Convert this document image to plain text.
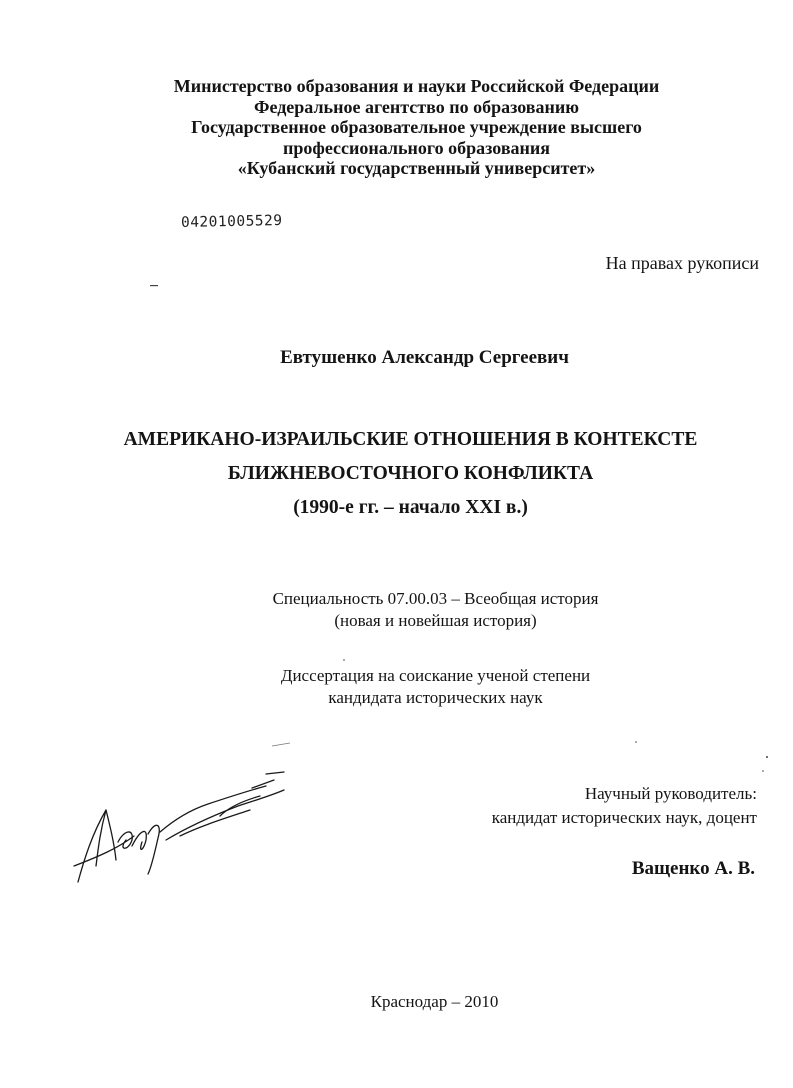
Министерство образования и науки Российской Федерации
Федеральное агентство по образованию
Государственное образовательное учреждение высшего
профессионального образования
«Кубанский государственный университет»
04201005529
На правах рукописи
Евтушенко Александр Сергеевич
АМЕРИКАНО-ИЗРАИЛЬСКИЕ ОТНОШЕНИЯ В КОНТЕКСТЕ
БЛИЖНЕВОСТОЧНОГО КОНФЛИКТА
(1990-е гг. – начало XXI в.)
Специальность 07.00.03 – Всеобщая история
(новая и новейшая история)
Диссертация на соискание ученой степени
кандидата исторических наук
Научный руководитель:
кандидат исторических наук, доцент
Ващенко А. В.
Краснодар – 2010
